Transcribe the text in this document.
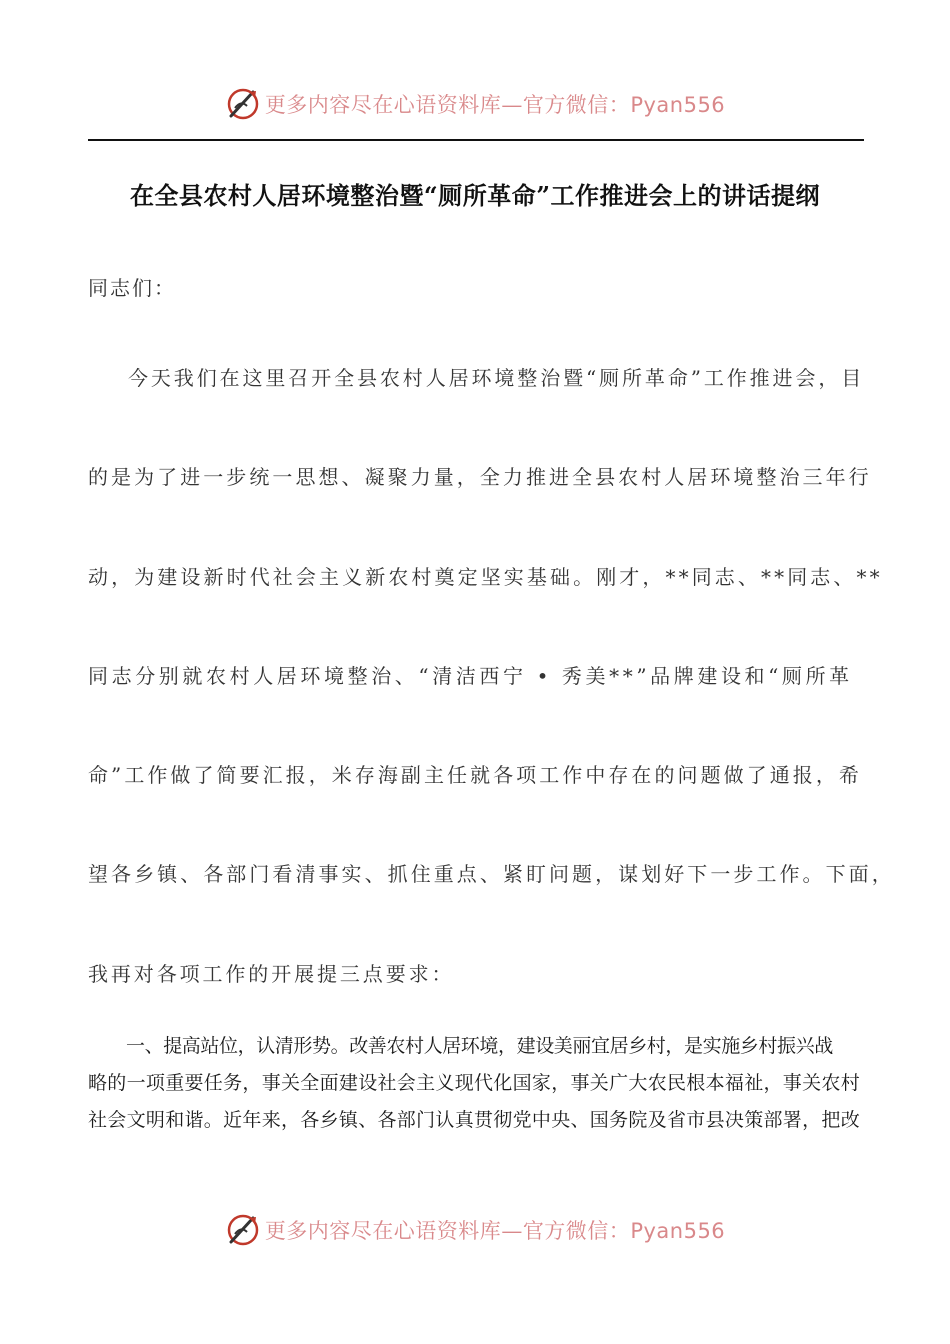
更多内容尽在心语资料库—官方微信：Pyan556
在全县农村人居环境整治暨“厕所革命”工作推进会上的讲话提纲
同志们：
今天我们在这里召开全县农村人居环境整治暨“厕所革命”工作推进会，目
的是为了进一步统一思想、凝聚力量，全力推进全县农村人居环境整治三年行
动，为建设新时代社会主义新农村奠定坚实基础。刚才，**同志、**同志、**
同志分别就农村人居环境整治、“清洁西宁 • 秀美**”品牌建设和“厕所革
命”工作做了简要汇报，米存海副主任就各项工作中存在的问题做了通报，希
望各乡镇、各部门看清事实、抓住重点、紧盯问题，谋划好下一步工作。下面，
我再对各项工作的开展提三点要求：
一、提高站位，认清形势。改善农村人居环境，建设美丽宜居乡村，是实施乡村振兴战
略的一项重要任务，事关全面建设社会主义现代化国家，事关广大农民根本福祉，事关农村
社会文明和谐。近年来，各乡镇、各部门认真贯彻党中央、国务院及省市县决策部署，把改
更多内容尽在心语资料库—官方微信：Pyan556
